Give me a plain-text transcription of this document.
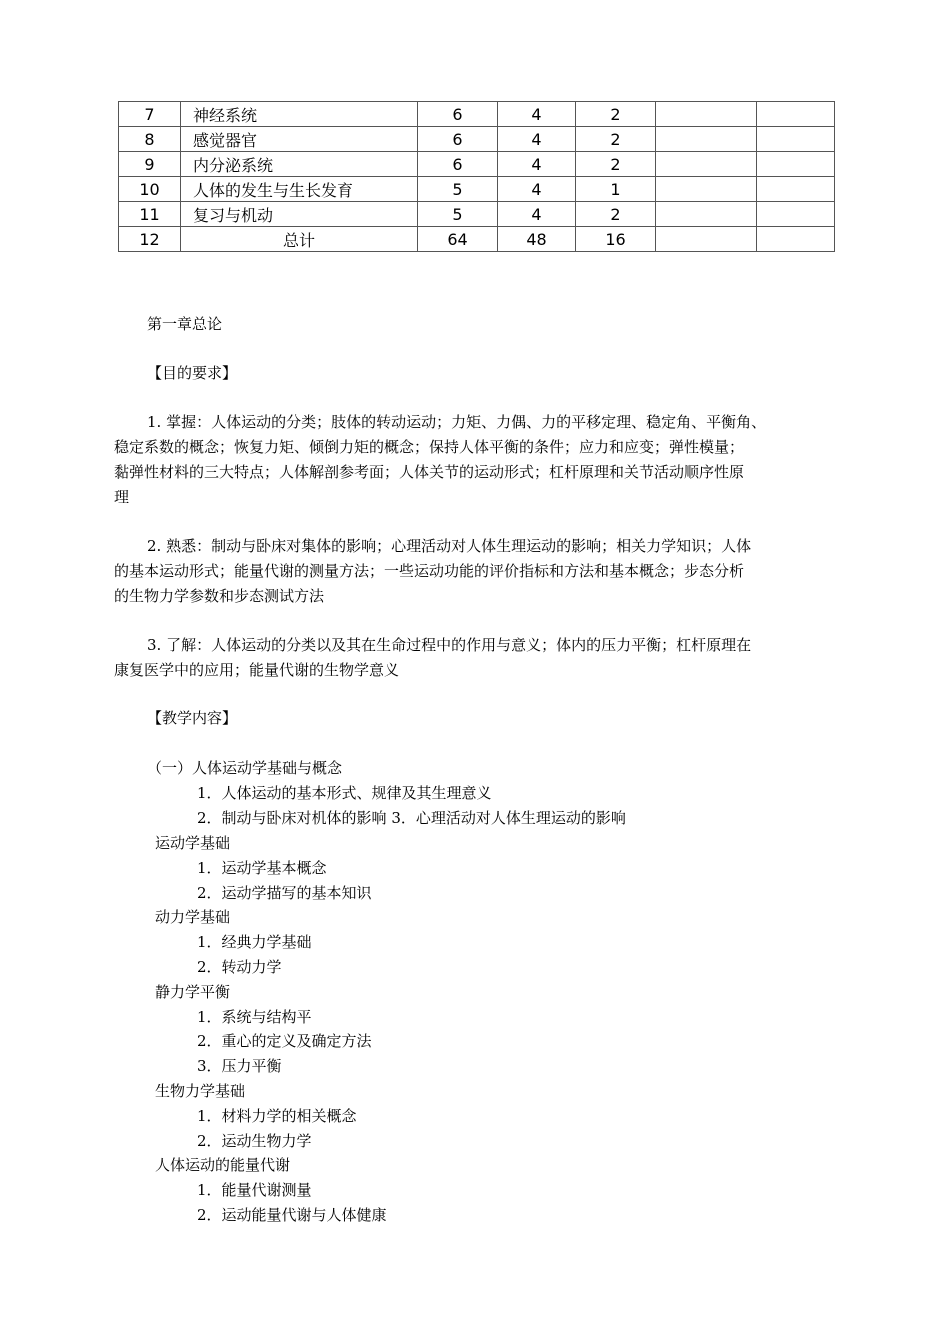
7	神经系统	6	4	2		
8	感觉器官	6	4	2		
9	内分泌系统	6	4	2		
10	人体的发生与生长发育	5	4	1		
11	复习与机动	5	4	2		
12	总计	64	48	16		
第一章总论
【目的要求】
1. 掌握：人体运动的分类；肢体的转动运动；力矩、力偶、力的平移定理、稳定角、平衡角、
稳定系数的概念；恢复力矩、倾倒力矩的概念；保持人体平衡的条件；应力和应变；弹性模量；
黏弹性材料的三大特点；人体解剖参考面；人体关节的运动形式；杠杆原理和关节活动顺序性原
理
2. 熟悉：制动与卧床对集体的影响；心理活动对人体生理运动的影响；相关力学知识；人体
的基本运动形式；能量代谢的测量方法；一些运动功能的评价指标和方法和基本概念；步态分析
的生物力学参数和步态测试方法
3. 了解：人体运动的分类以及其在生命过程中的作用与意义；体内的压力平衡；杠杆原理在
康复医学中的应用；能量代谢的生物学意义
【教学内容】
（一）人体运动学基础与概念
1．人体运动的基本形式、规律及其生理意义
2．制动与卧床对机体的影响 3．心理活动对人体生理运动的影响
运动学基础
1．运动学基本概念
2．运动学描写的基本知识
动力学基础
1．经典力学基础
2．转动力学
静力学平衡
1．系统与结构平
2．重心的定义及确定方法
3．压力平衡
生物力学基础
1．材料力学的相关概念
2．运动生物力学
人体运动的能量代谢
1．能量代谢测量
2．运动能量代谢与人体健康
